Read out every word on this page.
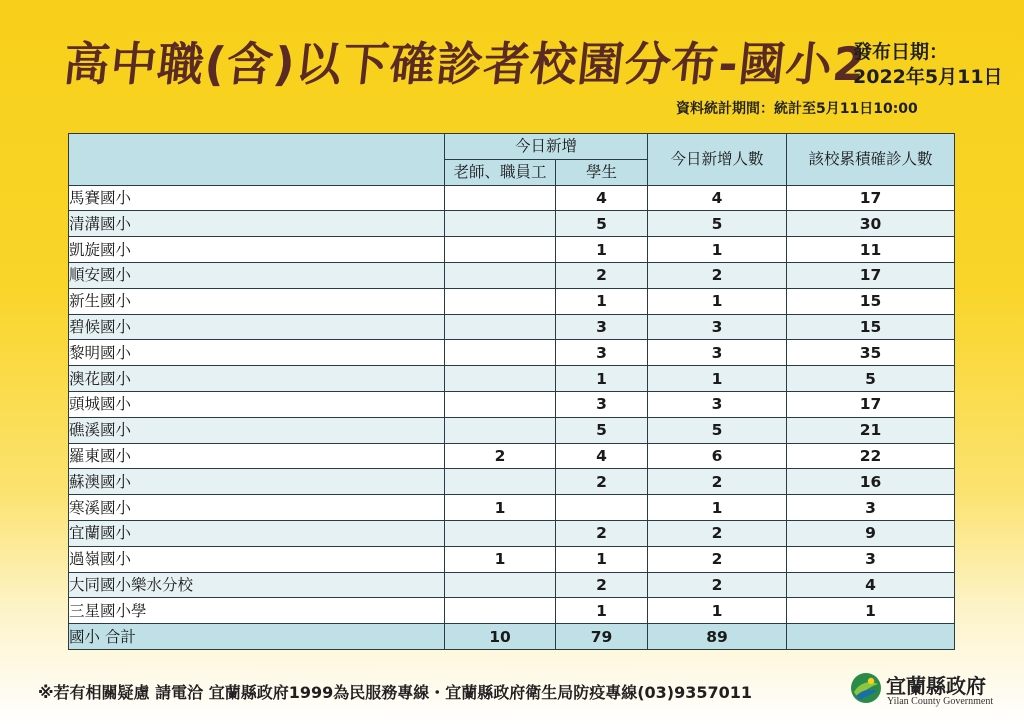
高中職(含)以下確診者校園分布-國小2
發布日期：
2022年5月11日
資料統計期間：統計至5月11日10:00
	今日新增		今日新增人數	該校累積確診人數
	老師、職員工	學生		
馬賽國小		4	4	17
清溝國小		5	5	30
凱旋國小		1	1	11
順安國小		2	2	17
新生國小		1	1	15
碧候國小		3	3	15
黎明國小		3	3	35
澳花國小		1	1	5
頭城國小		3	3	17
礁溪國小		5	5	21
羅東國小	2	4	6	22
蘇澳國小		2	2	16
寒溪國小	1		1	3
宜蘭國小		2	2	9
過嶺國小	1	1	2	3
大同國小樂水分校		2	2	4
三星國小學		1	1	1
國小 合計	10	79	89	
※若有相關疑慮 請電洽 宜蘭縣政府1999為民服務專線・宜蘭縣政府衛生局防疫專線(03)9357011	宜蘭縣政府
Yilan County Government
